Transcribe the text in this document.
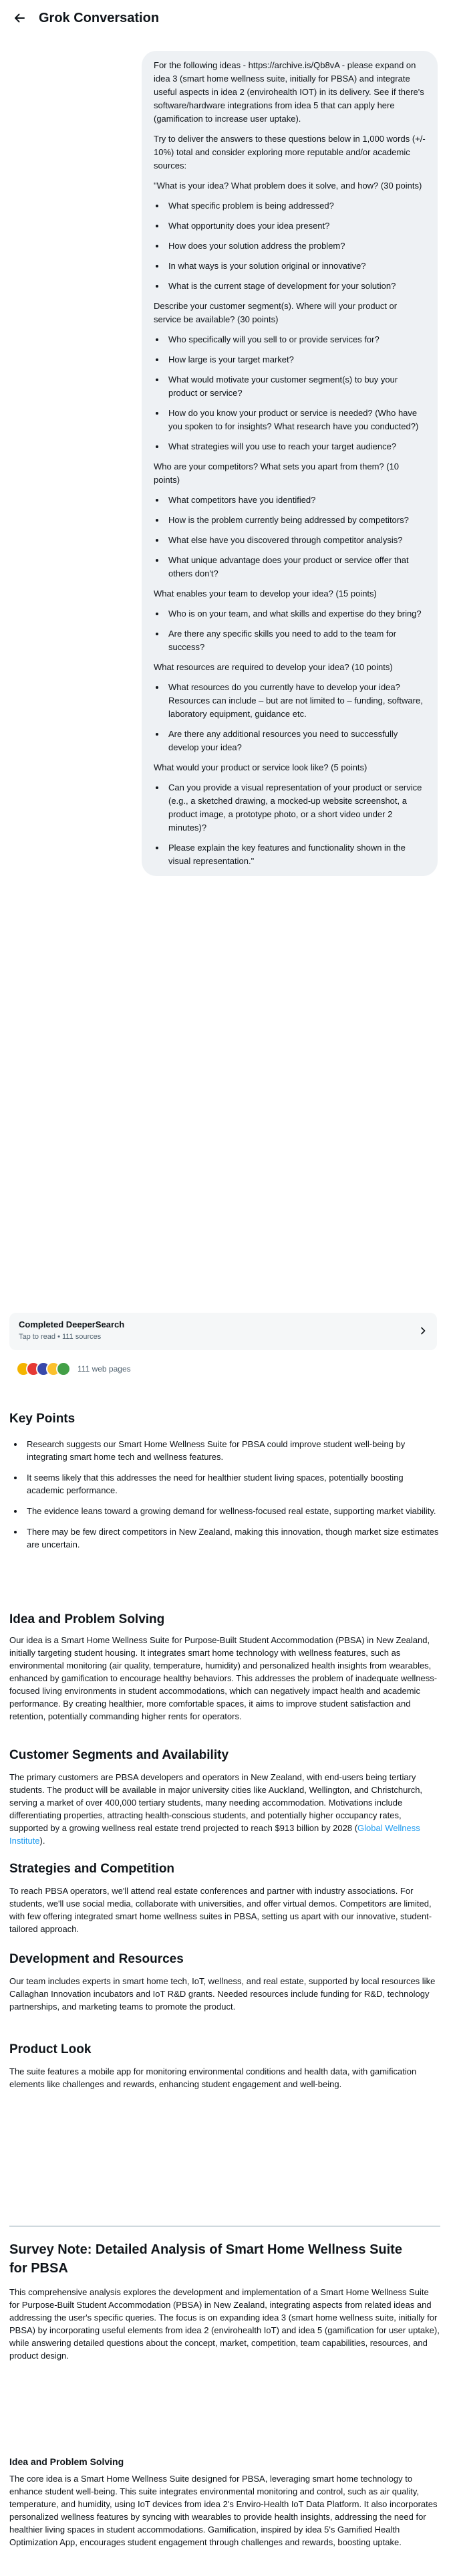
Grok Conversation

For the following ideas - https://archive.is/Qb8vA - please expand on idea 3 (smart home wellness suite, initially for PBSA) and integrate useful aspects in idea 2 (envirohealth IOT) in its delivery. See if there's software/hardware integrations from idea 5 that can apply here (gamification to increase user uptake).

Try to deliver the answers to these questions below in 1,000 words (+/- 10%) total and consider exploring more reputable and/or academic sources:

"What is your idea? What problem does it solve, and how? (30 points)

• What specific problem is being addressed?
• What opportunity does your idea present?
• How does your solution address the problem?
• In what ways is your solution original or innovative?
• What is the current stage of development for your solution?

Describe your customer segment(s). Where will your product or service be available? (30 points)

• Who specifically will you sell to or provide services for?
• How large is your target market?
• What would motivate your customer segment(s) to buy your product or service?
• How do you know your product or service is needed? (Who have you spoken to for insights? What research have you conducted?)
• What strategies will you use to reach your target audience?

Who are your competitors? What sets you apart from them? (10 points)

• What competitors have you identified?
• How is the problem currently being addressed by competitors?
• What else have you discovered through competitor analysis?
• What unique advantage does your product or service offer that others don't?

What enables your team to develop your idea? (15 points)

• Who is on your team, and what skills and expertise do they bring?
• Are there any specific skills you need to add to the team for success?

What resources are required to develop your idea? (10 points)

• What resources do you currently have to develop your idea? Resources can include – but are not limited to – funding, software, laboratory equipment, guidance etc.
• Are there any additional resources you need to successfully develop your idea?

What would your product or service look like? (5 points)

• Can you provide a visual representation of your product or service (e.g., a sketched drawing, a mocked-up website screenshot, a product image, a prototype photo, or a short video under 2 minutes)?
• Please explain the key features and functionality shown in the visual representation."
Completed DeeperSearch
Tap to read • 111 sources
111 web pages
Key Points
• Research suggests our Smart Home Wellness Suite for PBSA could improve student well-being by integrating smart home tech and wellness features.
• It seems likely that this addresses the need for healthier student living spaces, potentially boosting academic performance.
• The evidence leans toward a growing demand for wellness-focused real estate, supporting market viability.
• There may be few direct competitors in New Zealand, making this innovation, though market size estimates are uncertain.
Idea and Problem Solving
Our idea is a Smart Home Wellness Suite for Purpose-Built Student Accommodation (PBSA) in New Zealand, initially targeting student housing. It integrates smart home technology with wellness features, such as environmental monitoring (air quality, temperature, humidity) and personalized health insights from wearables, enhanced by gamification to encourage healthy behaviors. This addresses the problem of inadequate wellness-focused living environments in student accommodations, which can negatively impact health and academic performance. By creating healthier, more comfortable spaces, it aims to improve student satisfaction and retention, potentially commanding higher rents for operators.
Customer Segments and Availability
The primary customers are PBSA developers and operators in New Zealand, with end-users being tertiary students. The product will be available in major university cities like Auckland, Wellington, and Christchurch, serving a market of over 400,000 tertiary students, many needing accommodation. Motivations include differentiating properties, attracting health-conscious students, and potentially higher occupancy rates, supported by a growing wellness real estate trend projected to reach $913 billion by 2028 (Global Wellness Institute).
Strategies and Competition
To reach PBSA operators, we'll attend real estate conferences and partner with industry associations. For students, we'll use social media, collaborate with universities, and offer virtual demos. Competitors are limited, with few offering integrated smart home wellness suites in PBSA, setting us apart with our innovative, student-tailored approach.
Development and Resources
Our team includes experts in smart home tech, IoT, wellness, and real estate, supported by local resources like Callaghan Innovation incubators and IoT R&D grants. Needed resources include funding for R&D, technology partnerships, and marketing teams to promote the product.
Product Look
The suite features a mobile app for monitoring environmental conditions and health data, with gamification elements like challenges and rewards, enhancing student engagement and well-being.
Survey Note: Detailed Analysis of Smart Home Wellness Suite for PBSA
This comprehensive analysis explores the development and implementation of a Smart Home Wellness Suite for Purpose-Built Student Accommodation (PBSA) in New Zealand, integrating aspects from related ideas and addressing the user's specific queries. The focus is on expanding idea 3 (smart home wellness suite, initially for PBSA) by incorporating useful elements from idea 2 (envirohealth IoT) and idea 5 (gamification for user uptake), while answering detailed questions about the concept, market, competition, team capabilities, resources, and product design.
Idea and Problem Solving
The core idea is a Smart Home Wellness Suite designed for PBSA, leveraging smart home technology to enhance student well-being. This suite integrates environmental monitoring and control, such as air quality, temperature, and humidity, using IoT devices from idea 2's Enviro-Health IoT Data Platform. It also incorporates personalized wellness features by syncing with wearables to provide health insights, addressing the need for healthier living spaces in student accommodations. Gamification, inspired by idea 5's Gamified Health Optimization App, encourages student engagement through challenges and rewards, boosting uptake.
